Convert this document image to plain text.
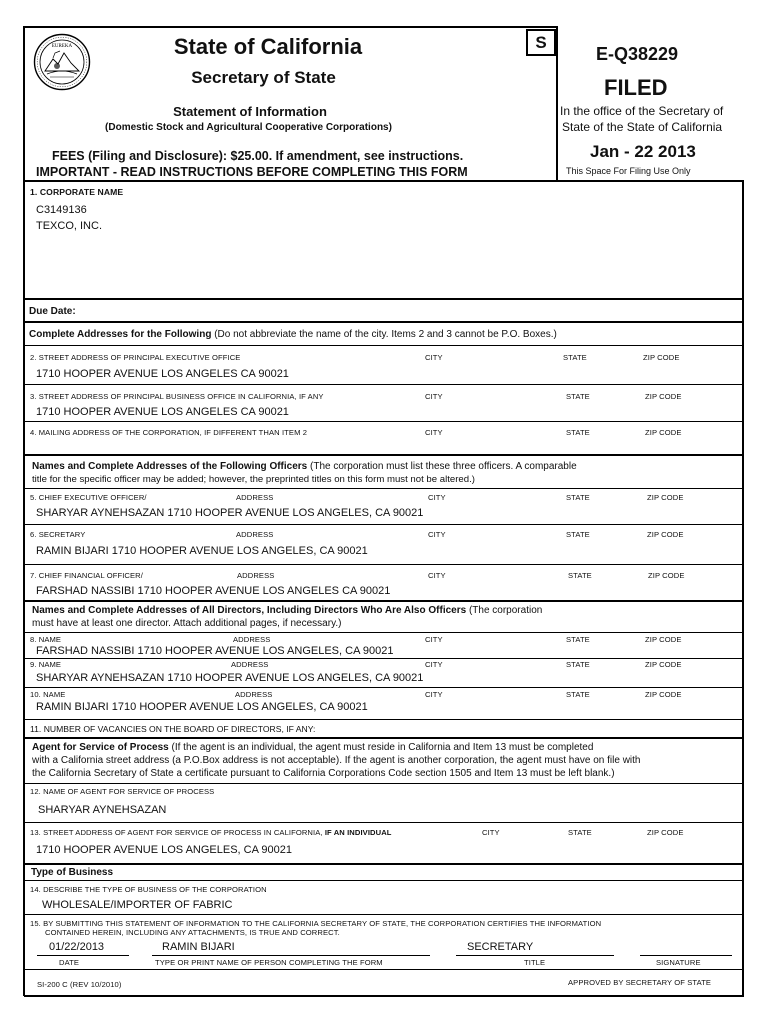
EUREKA	State of California
Secretary of State
Statement of Information
(Domestic Stock and Agricultural Cooperative Corporations)
FEES (Filing and Disclosure): $25.00. If amendment, see instructions.
IMPORTANT - READ INSTRUCTIONS BEFORE COMPLETING THIS FORM
S
E-Q38229
FILED
In the office of the Secretary of
State of the State of California
Jan - 22 2013
This Space For Filing Use Only
1. CORPORATE NAME
C3149136
TEXCO, INC.
Due Date:
Complete Addresses for the Following (Do not abbreviate the name of the city. Items 2 and 3 cannot be P.O. Boxes.)
2. STREET ADDRESS OF PRINCIPAL EXECUTIVE OFFICE	CITY	STATE	ZIP CODE
1710 HOOPER AVENUE LOS ANGELES CA 90021
3. STREET ADDRESS OF PRINCIPAL BUSINESS OFFICE IN CALIFORNIA, IF ANY	CITY	STATE	ZIP CODE
1710 HOOPER AVENUE LOS ANGELES CA 90021
4. MAILING ADDRESS OF THE CORPORATION, IF DIFFERENT THAN ITEM 2	CITY	STATE	ZIP CODE
Names and Complete Addresses of the Following Officers (The corporation must list these three officers. A comparable
title for the specific officer may be added; however, the preprinted titles on this form must not be altered.)
5. CHIEF EXECUTIVE OFFICER/	ADDRESS	CITY	STATE	ZIP CODE
SHARYAR AYNEHSAZAN 1710 HOOPER AVENUE LOS ANGELES, CA 90021
6. SECRETARY	ADDRESS	CITY	STATE	ZIP CODE
RAMIN BIJARI 1710 HOOPER AVENUE LOS ANGELES, CA 90021
7. CHIEF FINANCIAL OFFICER/	ADDRESS	CITY	STATE	ZIP CODE
FARSHAD NASSIBI 1710 HOOPER AVENUE LOS ANGELES CA 90021
Names and Complete Addresses of All Directors, Including Directors Who Are Also Officers (The corporation
must have at least one director. Attach additional pages, if necessary.)
8. NAME	ADDRESS	CITY	STATE	ZIP CODE
FARSHAD NASSIBI 1710 HOOPER AVENUE LOS ANGELES, CA 90021
9. NAME	ADDRESS	CITY	STATE	ZIP CODE
SHARYAR AYNEHSAZAN 1710 HOOPER AVENUE LOS ANGELES, CA 90021
10. NAME	ADDRESS	CITY	STATE	ZIP CODE
RAMIN BIJARI 1710 HOOPER AVENUE LOS ANGELES, CA 90021
11. NUMBER OF VACANCIES ON THE BOARD OF DIRECTORS, IF ANY:
Agent for Service of Process (If the agent is an individual, the agent must reside in California and Item 13 must be completed
with a California street address (a P.O.Box address is not acceptable). If the agent is another corporation, the agent must have on file with
the California Secretary of State a certificate pursuant to California Corporations Code section 1505 and Item 13 must be left blank.)
12. NAME OF AGENT FOR SERVICE OF PROCESS
SHARYAR AYNEHSAZAN
13. STREET ADDRESS OF AGENT FOR SERVICE OF PROCESS IN CALIFORNIA, IF AN INDIVIDUAL	CITY	STATE	ZIP CODE
1710 HOOPER AVENUE LOS ANGELES, CA 90021
Type of Business
14. DESCRIBE THE TYPE OF BUSINESS OF THE CORPORATION
WHOLESALE/IMPORTER OF FABRIC
15. BY SUBMITTING THIS STATEMENT OF INFORMATION TO THE CALIFORNIA SECRETARY OF STATE, THE CORPORATION CERTIFIES THE INFORMATION
CONTAINED HEREIN, INCLUDING ANY ATTACHMENTS, IS TRUE AND CORRECT.
01/22/2013	RAMIN BIJARI	SECRETARY
DATE	TYPE OR PRINT NAME OF PERSON COMPLETING THE FORM	TITLE	SIGNATURE
SI-200 C (REV 10/2010)	APPROVED BY SECRETARY OF STATE
